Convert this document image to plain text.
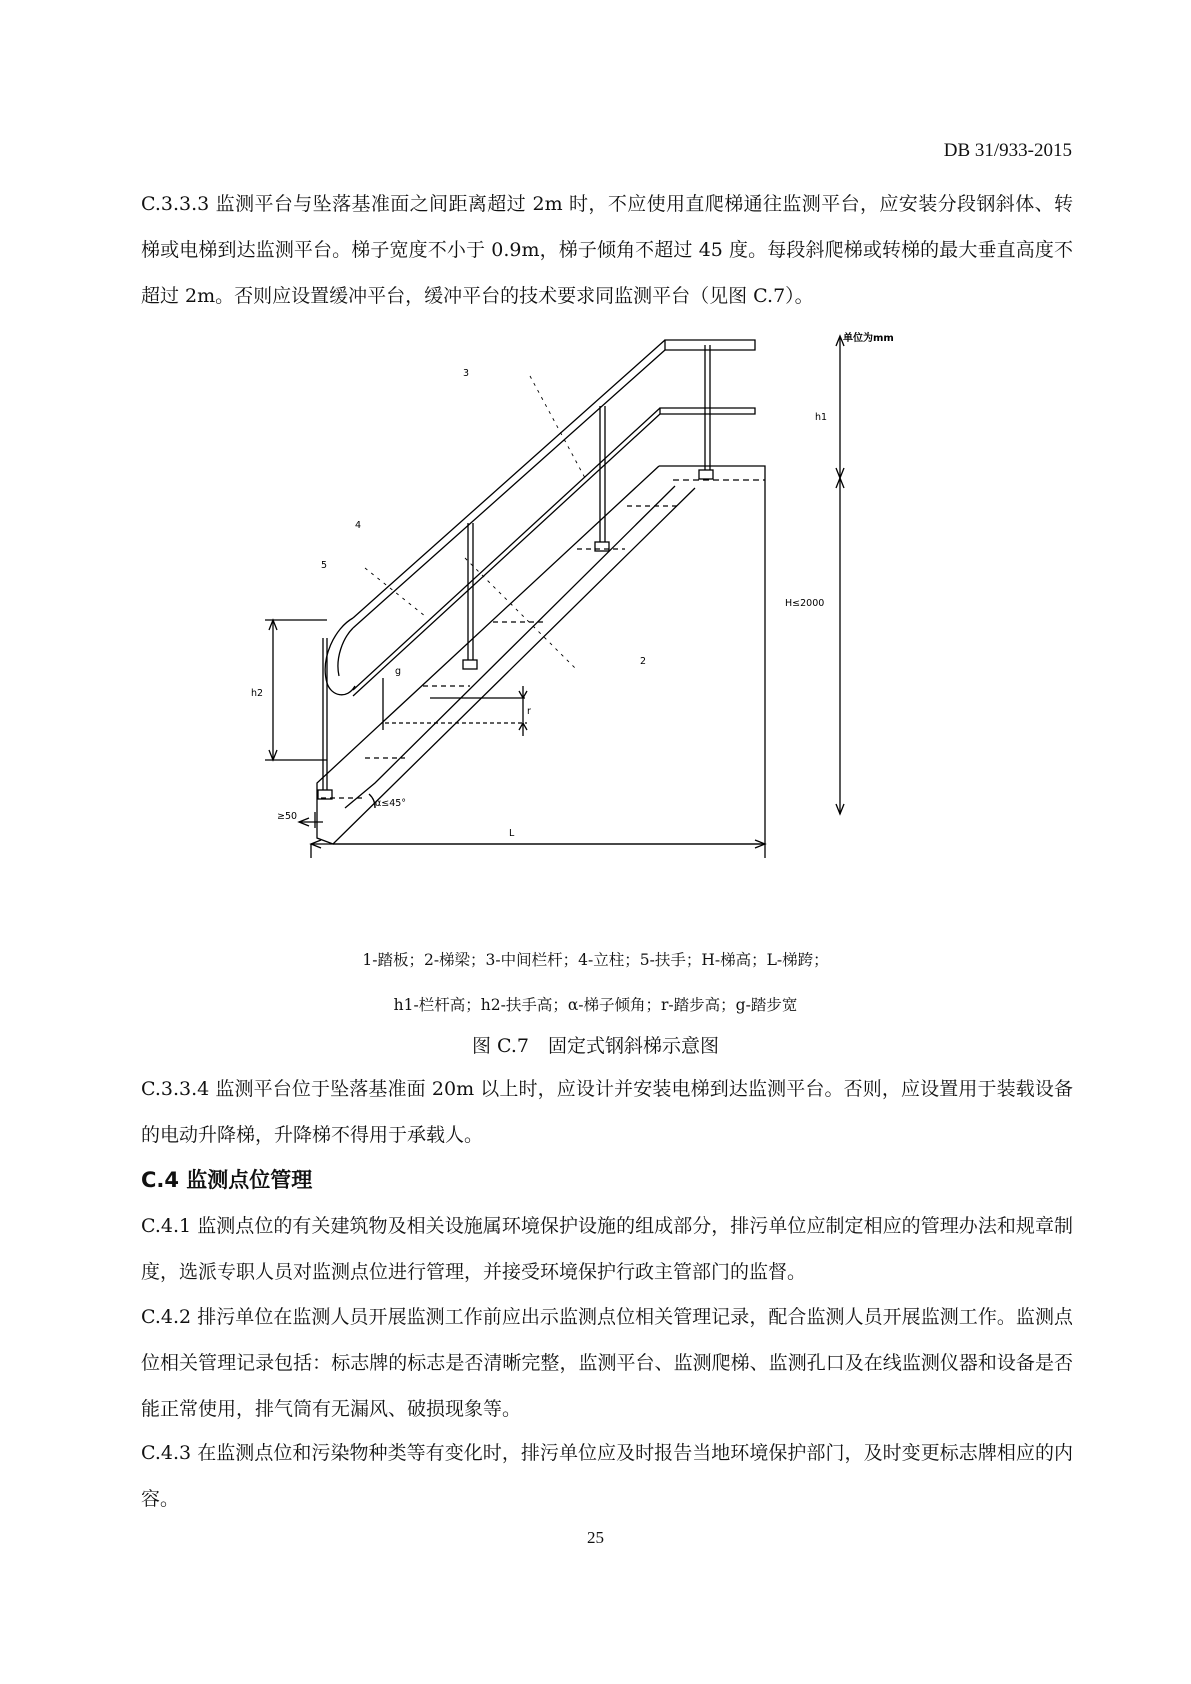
DB 31/933-2015

C.3.3.3 监测平台与坠落基准面之间距离超过 2m 时，不应使用直爬梯通往监测平台，应安装分段钢斜体、转梯或电梯到达监测平台。梯子宽度不小于 0.9m，梯子倾角不超过 45 度。每段斜爬梯或转梯的最大垂直高度不超过 2m。否则应设置缓冲平台，缓冲平台的技术要求同监测平台（见图 C.7）。

单位为mm
3
4
5
2
g
r
h1
h2
H≤2000
L
α≤45°
≥50

1-踏板；2-梯梁；3-中间栏杆；4-立柱；5-扶手；H-梯高；L-梯跨；

h1-栏杆高；h2-扶手高；α-梯子倾角；r-踏步高；g-踏步宽

图 C.7　固定式钢斜梯示意图

C.3.3.4 监测平台位于坠落基准面 20m 以上时，应设计并安装电梯到达监测平台。否则，应设置用于装载设备的电动升降梯，升降梯不得用于承载人。

C.4 监测点位管理

C.4.1 监测点位的有关建筑物及相关设施属环境保护设施的组成部分，排污单位应制定相应的管理办法和规章制度，选派专职人员对监测点位进行管理，并接受环境保护行政主管部门的监督。

C.4.2 排污单位在监测人员开展监测工作前应出示监测点位相关管理记录，配合监测人员开展监测工作。监测点位相关管理记录包括：标志牌的标志是否清晰完整，监测平台、监测爬梯、监测孔口及在线监测仪器和设备是否能正常使用，排气筒有无漏风、破损现象等。

C.4.3 在监测点位和污染物种类等有变化时，排污单位应及时报告当地环境保护部门，及时变更标志牌相应的内容。

25
